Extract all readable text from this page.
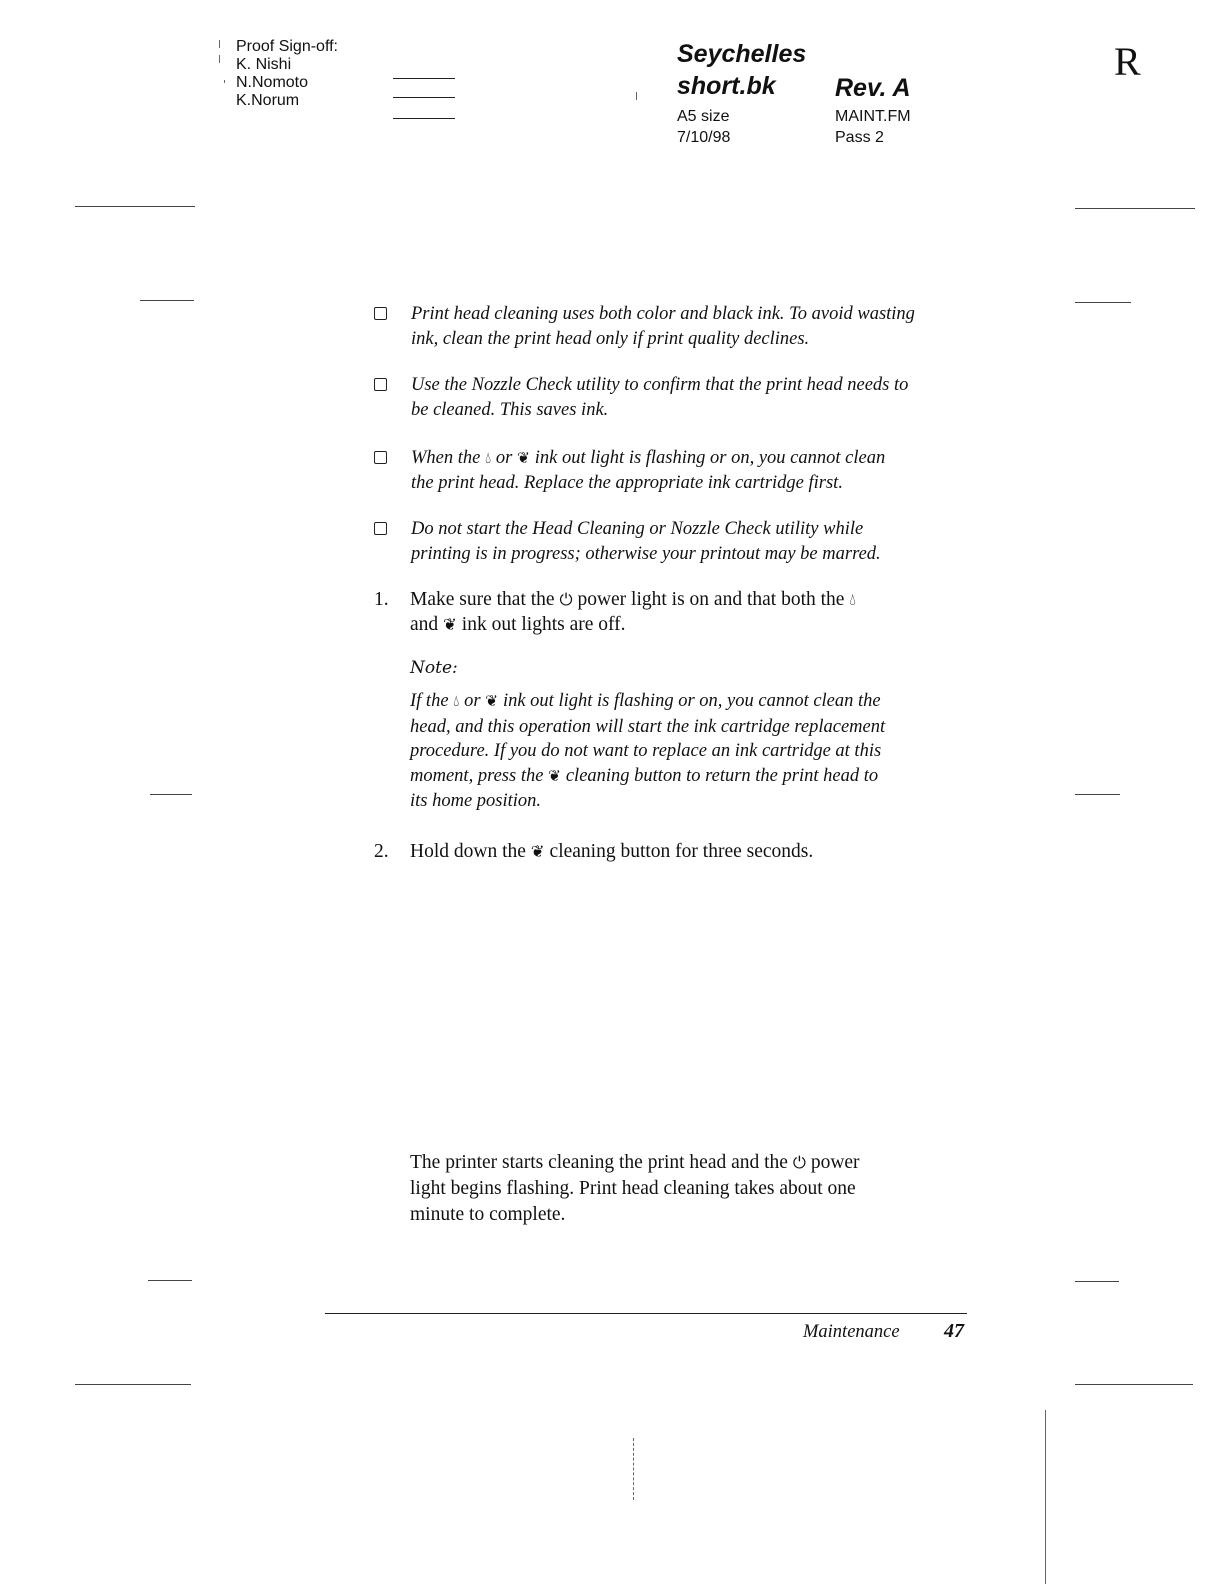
Proof Sign-off:
K. Nishi
N.Nomoto
K.Norum
Seychelles
short.bk Rev. A
A5 size
7/10/98
MAINT.FM
Pass 2
R
Print head cleaning uses both color and black ink. To avoid wasting
ink, clean the print head only if print quality declines.
Use the Nozzle Check utility to confirm that the print head needs to
be cleaned. This saves ink.
When the 💧︎ or ❦ ink out light is flashing or on, you cannot clean
the print head. Replace the appropriate ink cartridge first.
Do not start the Head Cleaning or Nozzle Check utility while
printing is in progress; otherwise your printout may be marred.
1. Make sure that the ⏻ power light is on and that both the 💧︎
and ❦ ink out lights are off.
Note:
If the 💧︎ or ❦ ink out light is flashing or on, you cannot clean the
head, and this operation will start the ink cartridge replacement
procedure. If you do not want to replace an ink cartridge at this
moment, press the ❦ cleaning button to return the print head to
its home position.
2. Hold down the ❦ cleaning button for three seconds.
The printer starts cleaning the print head and the ⏻ power
light begins flashing. Print head cleaning takes about one
minute to complete.
Maintenance 47
